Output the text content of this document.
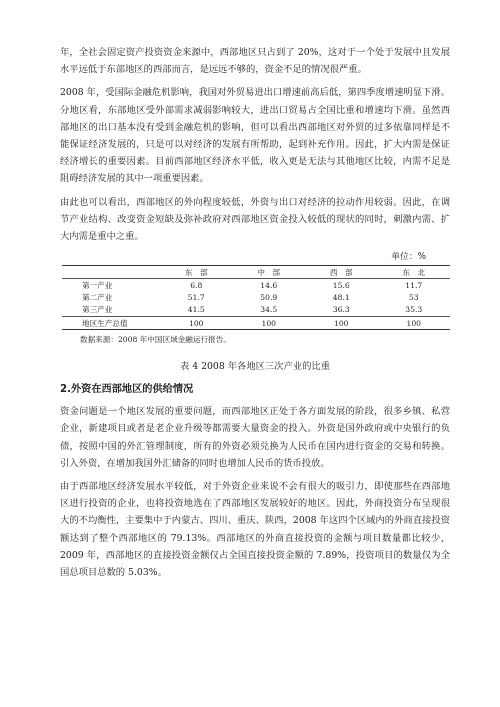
年，全社会固定资产投资资金来源中，西部地区只占到了 20%，这对于一个处于发展中且发展水平远低于东部地区的西部而言，是远远不够的，资金不足的情况很严重。

2008 年，受国际金融危机影响，我国对外贸易进出口增速前高后低，第四季度增速明显下滑。分地区看，东部地区受外部需求减弱影响较大，进出口贸易占全国比重和增速均下滑。虽然西部地区的出口基本没有受到金融危机的影响，但可以看出西部地区对外贸的过多依靠同样是不能保证经济发展的，只是可以对经济的发展有所帮助，起到补充作用。因此，扩大内需是保证经济增长的重要因素。目前西部地区经济水平低，收入更是无法与其他地区比较，内需不足是阻碍经济发展的其中一项重要因素。

由此也可以看出，西部地区的外向程度较低，外资与出口对经济的拉动作用较弱。因此，在调节产业结构、改变资金短缺及弥补政府对西部地区资金投入较低的现状的同时，刺激内需、扩大内需是重中之重。

单位：%
	东　部	中　部	西　部	东　北
第一产业	6.8	14.6	15.6	11.7
第二产业	51.7	50.9	48.1	53
第三产业	41.5	34.5	36.3	35.3
地区生产总值	100	100	100	100
数据来源：2008 年中国区域金融运行报告。
表 4 2008 年各地区三次产业的比重
2.外资在西部地区的供给情况

资金问题是一个地区发展的重要问题，而西部地区正处于各方面发展的阶段，很多乡镇、私营企业，新建项目或者是老企业升级等都需要大量资金的投入。外资是国外政府或中央银行的负债，按照中国的外汇管理制度，所有的外资必须兑换为人民币在国内进行资金的交易和转换。引入外资，在增加我国外汇储备的同时也增加人民币的货币投放。

由于西部地区经济发展水平较低，对于外资企业来说不会有很大的吸引力，即使那些在西部地区进行投资的企业，也将投资地选在了西部地区发展较好的地区。因此，外商投资分布呈现很大的不均衡性，主要集中于内蒙古、四川、重庆、陕西，2008 年这四个区域内的外商直接投资额达到了整个西部地区的 79.13%。西部地区的外商直接投资的金额与项目数量都比较少，2009 年，西部地区的直接投资金额仅占全国直接投资金额的 7.89%，投资项目的数量仅为全国总项目总数的 5.03%。
